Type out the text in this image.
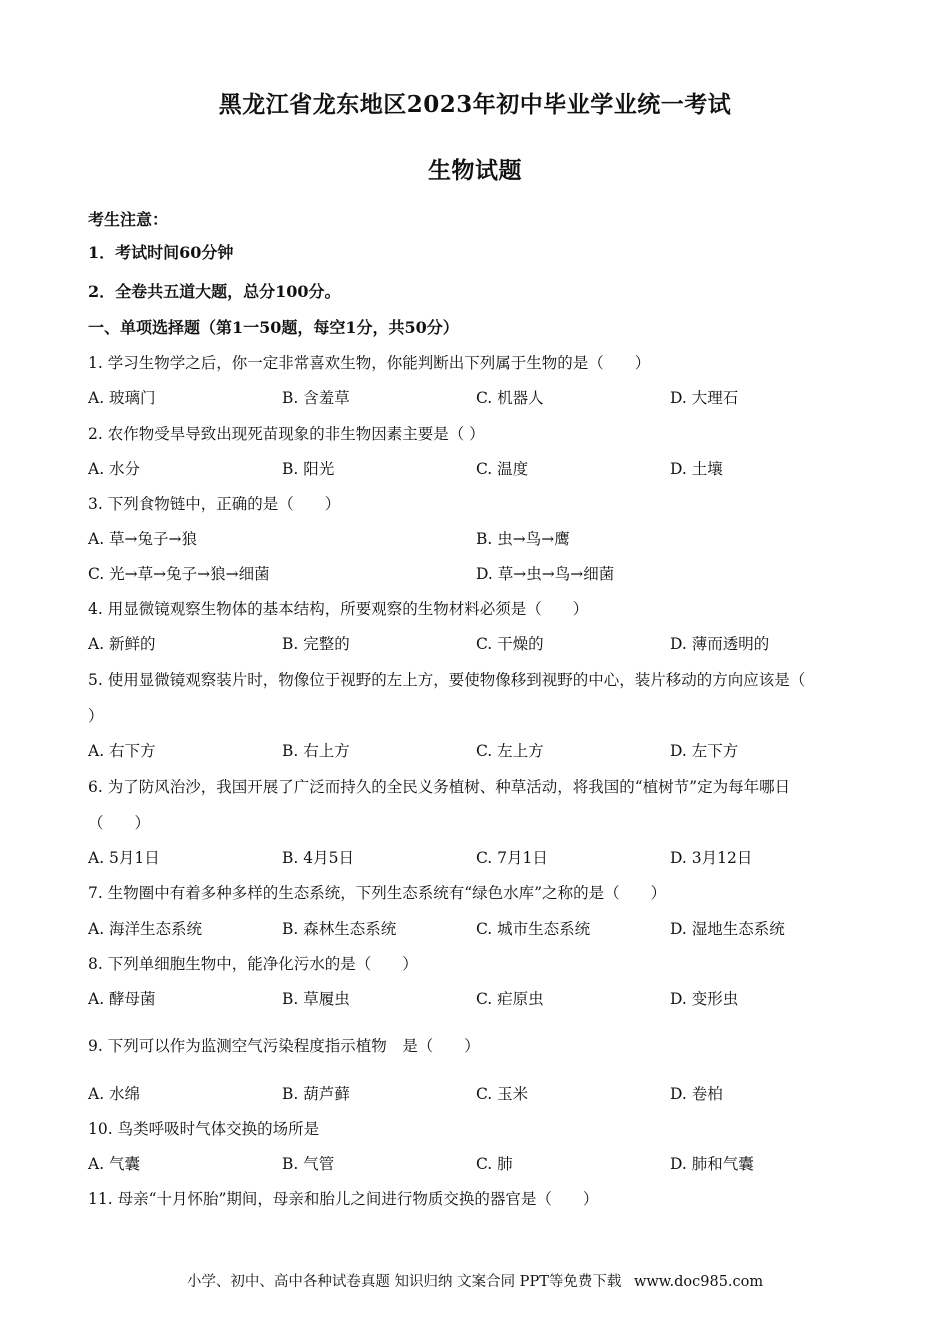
黑龙江省龙东地区2023年初中毕业学业统一考试
生物试题
考生注意：
1．考试时间60分钟
2．全卷共五道大题，总分100分。
一、单项选择题（第1一50题，每空1分，共50分）
1. 学习生物学之后，你一定非常喜欢生物，你能判断出下列属于生物的是（　　）
A. 玻璃门	B. 含羞草	C. 机器人	D. 大理石
2. 农作物受旱导致出现死苗现象的非生物因素主要是（ ）
A. 水分	B. 阳光	C. 温度	D. 土壤
3. 下列食物链中，正确的是（　　）
A. 草→兔子→狼	B. 虫→鸟→鹰
C. 光→草→兔子→狼→细菌	D. 草→虫→鸟→细菌
4. 用显微镜观察生物体的基本结构，所要观察的生物材料必须是（　　）
A. 新鲜的	B. 完整的	C. 干燥的	D. 薄而透明的
5. 使用显微镜观察装片时，物像位于视野的左上方，要使物像移到视野的中心，装片移动的方向应该是（
）
A. 右下方	B. 右上方	C. 左上方	D. 左下方
6. 为了防风治沙，我国开展了广泛而持久的全民义务植树、种草活动，将我国的“植树节”定为每年哪日
（　　）
A. 5月1日	B. 4月5日	C. 7月1日	D. 3月12日
7. 生物圈中有着多种多样的生态系统，下列生态系统有“绿色水库”之称的是（　　）
A. 海洋生态系统	B. 森林生态系统	C. 城市生态系统	D. 湿地生态系统
8. 下列单细胞生物中，能净化污水的是（　　）
A. 酵母菌	B. 草履虫	C. 疟原虫	D. 变形虫
9. 下列可以作为监测空气污染程度指示植物　是（　　）
A. 水绵	B. 葫芦藓	C. 玉米	D. 卷柏
10. 鸟类呼吸时气体交换的场所是
A. 气囊	B. 气管	C. 肺	D. 肺和气囊
11. 母亲“十月怀胎”期间，母亲和胎儿之间进行物质交换的器官是（　　）
小学、初中、高中各种试卷真题 知识归纳 文案合同 PPT等免费下载 www.doc985.com
